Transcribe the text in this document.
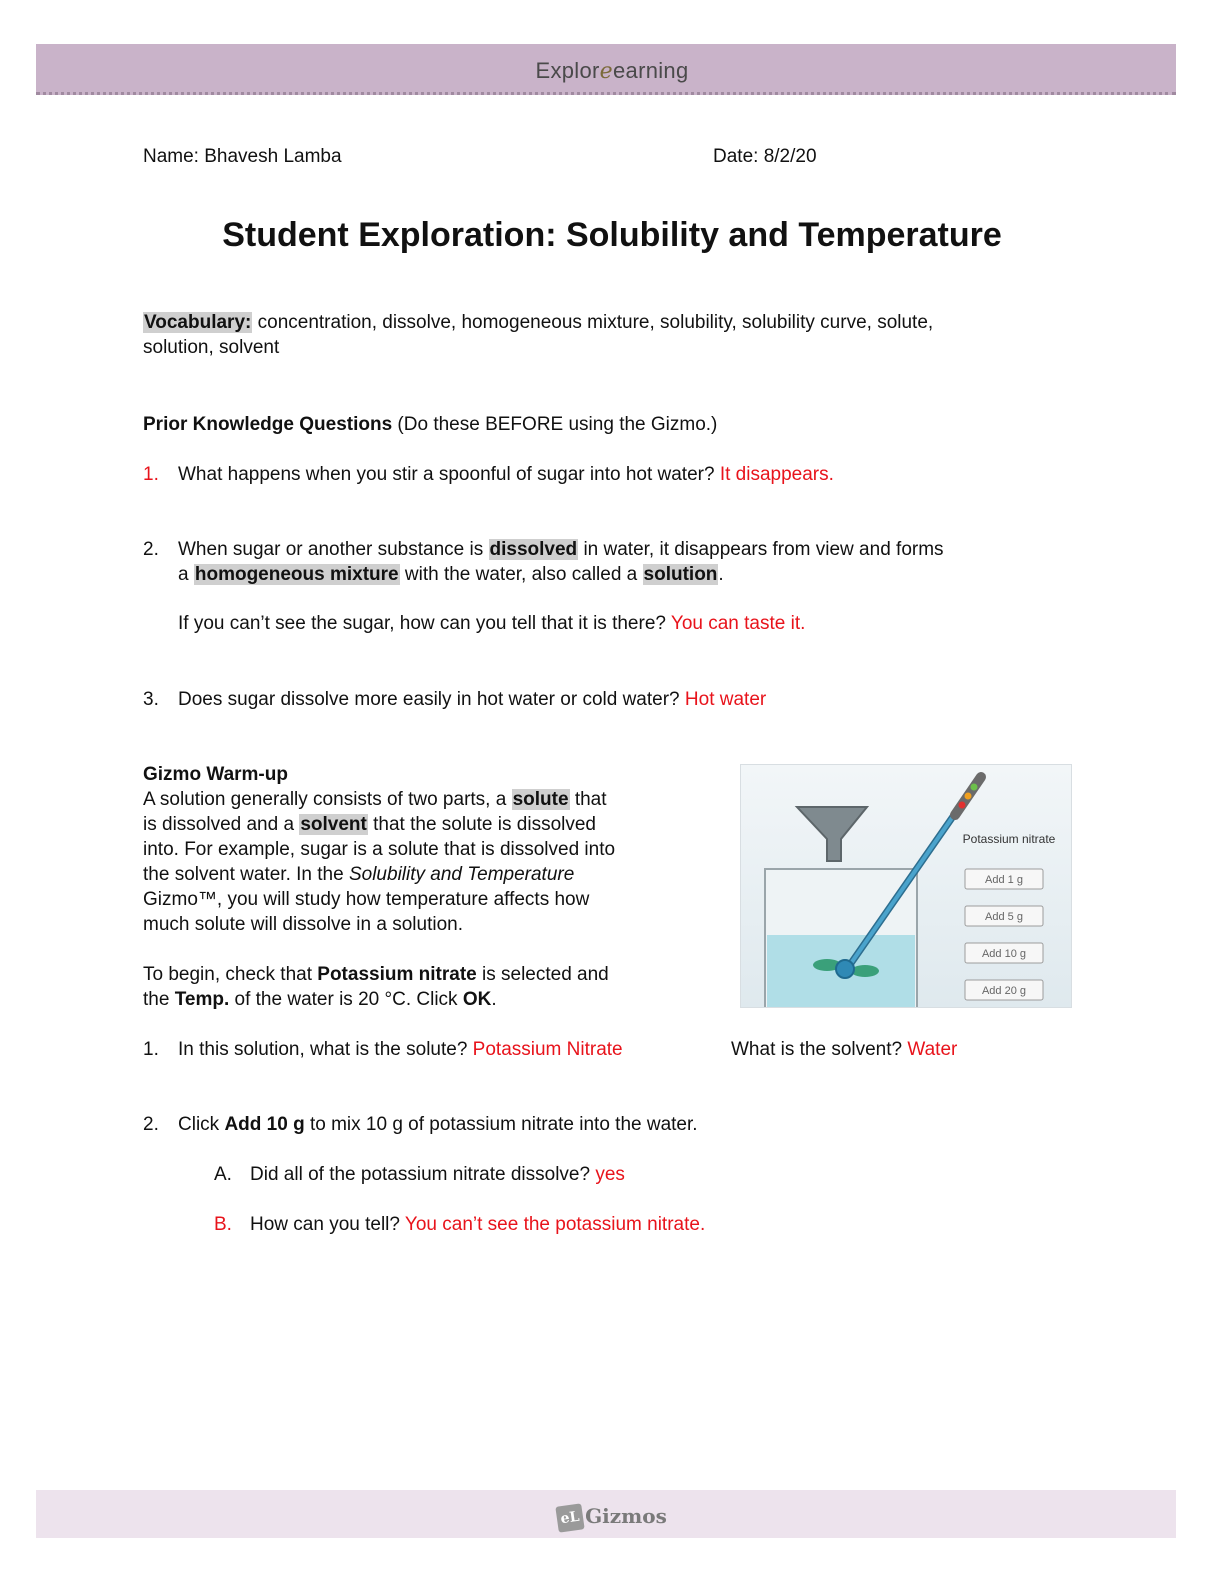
Exploreearning
Name: Bhavesh Lamba	Date: 8/2/20
Student Exploration: Solubility and Temperature
Vocabulary: concentration, dissolve, homogeneous mixture, solubility, solubility curve, solute,
solution, solvent
Prior Knowledge Questions (Do these BEFORE using the Gizmo.)
1. What happens when you stir a spoonful of sugar into hot water? It disappears.
2. When sugar or another substance is dissolved in water, it disappears from view and forms
a homogeneous mixture with the water, also called a solution.
If you can’t see the sugar, how can you tell that it is there? You can taste it.
3. Does sugar dissolve more easily in hot water or cold water? Hot water
Gizmo Warm-up
A solution generally consists of two parts, a solute that
is dissolved and a solvent that the solute is dissolved
into. For example, sugar is a solute that is dissolved into
the solvent water. In the Solubility and Temperature
Gizmo™, you will study how temperature affects how
much solute will dissolve in a solution.
To begin, check that Potassium nitrate is selected and
the Temp. of the water is 20 °C. Click OK.
Potassium nitrate
Add 1 g
Add 5 g
Add 10 g
Add 20 g
1. In this solution, what is the solute? Potassium Nitrate	What is the solvent? Water
2. Click Add 10 g to mix 10 g of potassium nitrate into the water.
A. Did all of the potassium nitrate dissolve? yes
B. How can you tell? You can’t see the potassium nitrate.
eL Gizmos
